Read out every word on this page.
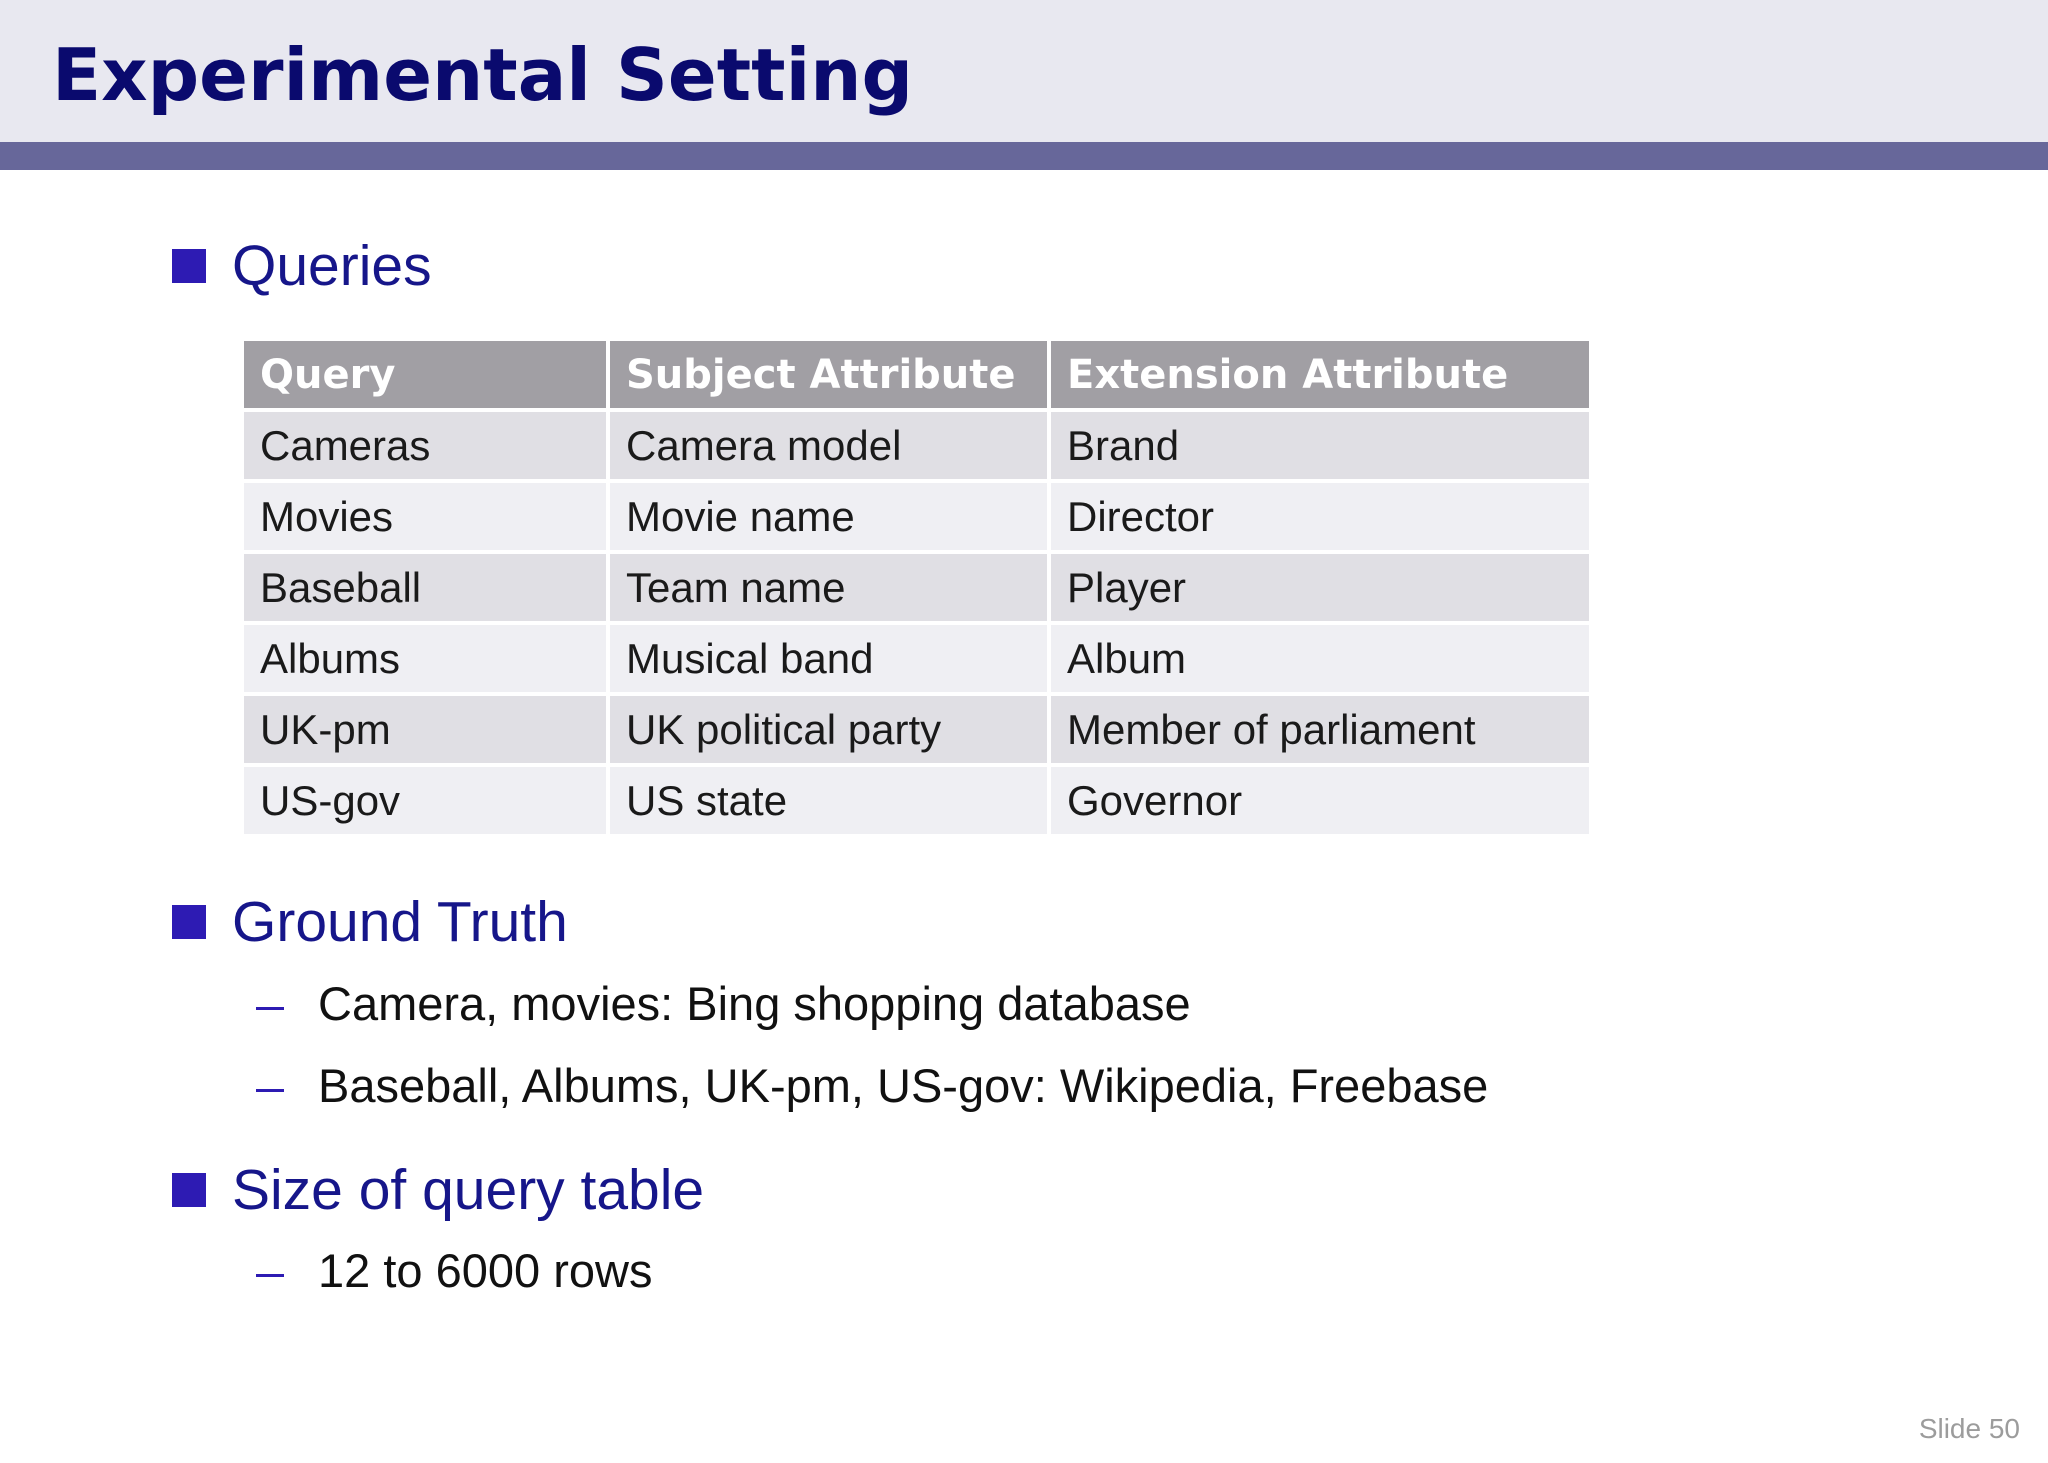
Experimental Setting
Queries
Query	Subject Attribute	Extension Attribute
Cameras	Camera model	Brand
Movies	Movie name	Director
Baseball	Team name	Player
Albums	Musical band	Album
UK-pm	UK political party	Member of parliament
US-gov	US state	Governor
Ground Truth
Camera, movies: Bing shopping database
Baseball, Albums, UK-pm, US-gov: Wikipedia, Freebase
Size of query table
12 to 6000 rows
Slide 50
